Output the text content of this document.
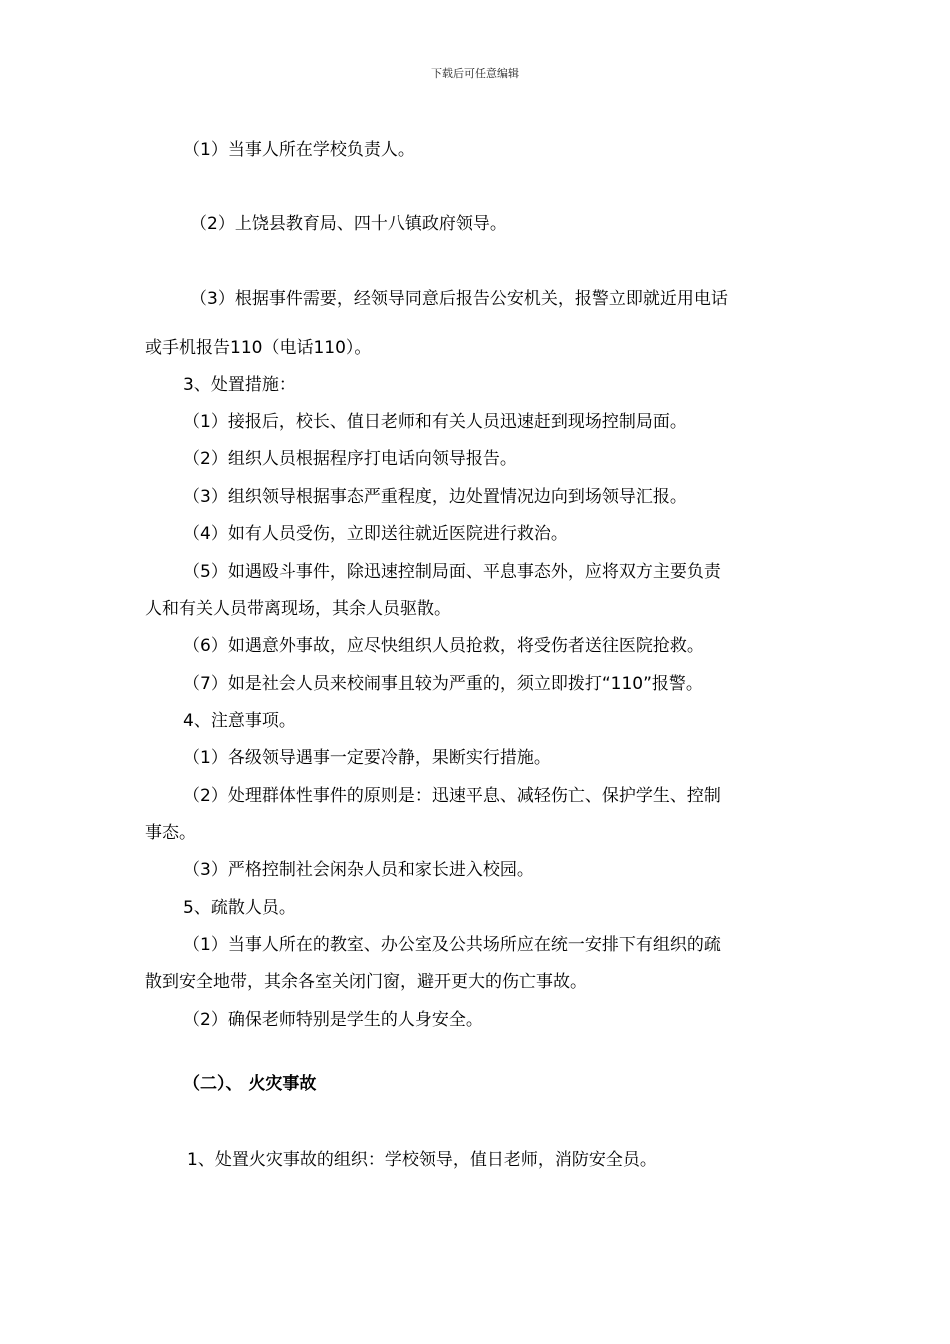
下载后可任意编辑
（1）当事人所在学校负责人。
（2）上饶县教育局、四十八镇政府领导。
（3）根据事件需要，经领导同意后报告公安机关，报警立即就近用电话
或手机报告110（电话110）。
3、处置措施：
（1）接报后，校长、值日老师和有关人员迅速赶到现场控制局面。
（2）组织人员根据程序打电话向领导报告。
（3）组织领导根据事态严重程度，边处置情况边向到场领导汇报。
（4）如有人员受伤，立即送往就近医院进行救治。
（5）如遇殴斗事件，除迅速控制局面、平息事态外，应将双方主要负责
人和有关人员带离现场，其余人员驱散。
（6）如遇意外事故，应尽快组织人员抢救，将受伤者送往医院抢救。
（7）如是社会人员来校闹事且较为严重的，须立即拨打“110”报警。
4、注意事项。
（1）各级领导遇事一定要冷静，果断实行措施。
（2）处理群体性事件的原则是：迅速平息、减轻伤亡、保护学生、控制
事态。
（3）严格控制社会闲杂人员和家长进入校园。
5、疏散人员。
（1）当事人所在的教室、办公室及公共场所应在统一安排下有组织的疏
散到安全地带，其余各室关闭门窗，避开更大的伤亡事故。
（2）确保老师特别是学生的人身安全。
（二）、 火灾事故
1、处置火灾事故的组织：学校领导，值日老师，消防安全员。
